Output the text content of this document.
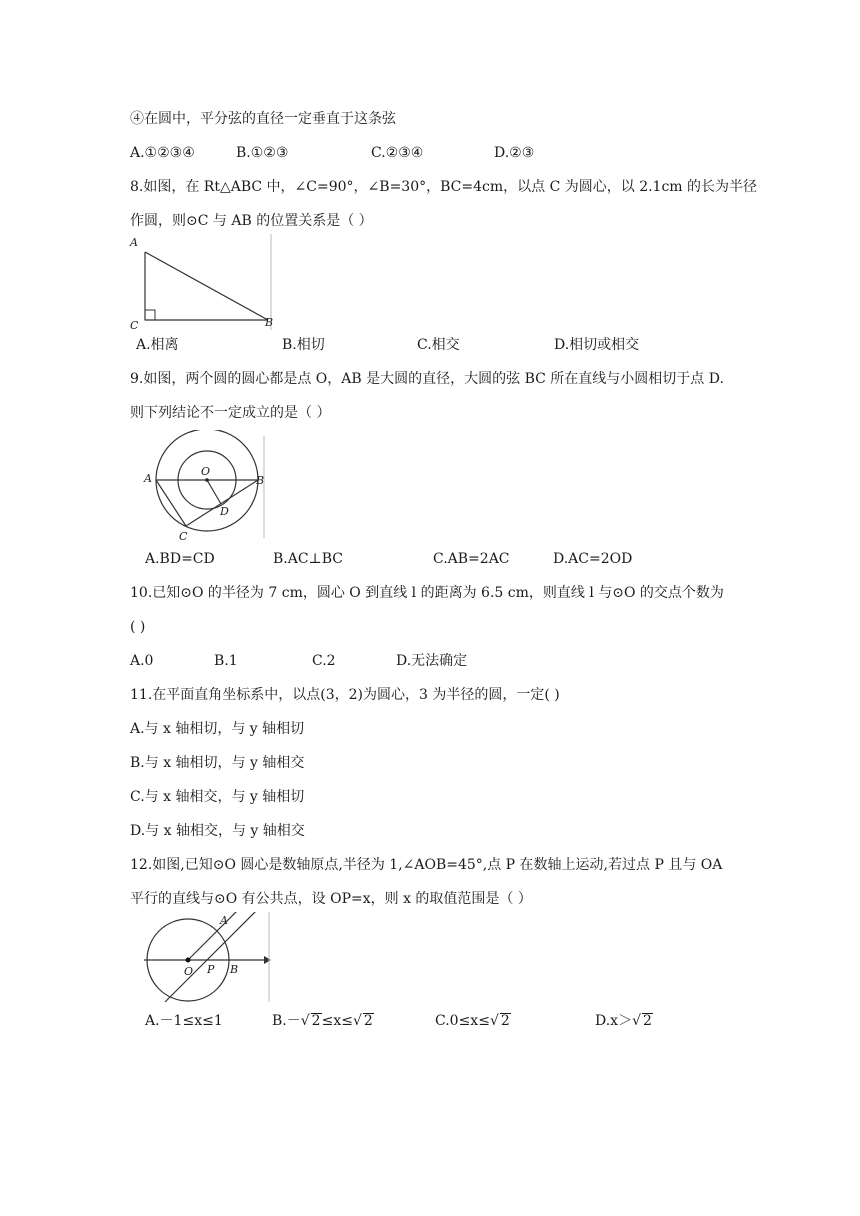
④在圆中，平分弦的直径一定垂直于这条弦
A.①②③④	B.①②③	C.②③④	D.②③
8.如图，在 Rt△ABC 中，∠C=90°，∠B=30°，BC=4cm，以点 C 为圆心，以 2.1cm 的长为半径
作圆，则⊙C 与 AB 的位置关系是（ ）
A
C	B
A.相离	B.相切	C.相交	D.相切或相交
9.如图，两个圆的圆心都是点 O，AB 是大圆的直径，大圆的弦 BC 所在直线与小圆相切于点 D.
则下列结论不一定成立的是（ ）
O
A	B
D
C
A.BD=CD	B.AC⊥BC	C.AB=2AC	D.AC=2OD
10.已知⊙O 的半径为 7 cm，圆心 O 到直线 l 的距离为 6.5 cm，则直线 l 与⊙O 的交点个数为
( )
A.0	B.1	C.2	D.无法确定
11.在平面直角坐标系中，以点(3，2)为圆心，3 为半径的圆，一定( )
A.与 x 轴相切，与 y 轴相切
B.与 x 轴相切，与 y 轴相交
C.与 x 轴相交，与 y 轴相切
D.与 x 轴相交，与 y 轴相交
12.如图,已知⊙O 圆心是数轴原点,半径为 1,∠AOB=45°,点 P 在数轴上运动,若过点 P 且与 OA
平行的直线与⊙O 有公共点，设 OP=x，则 x 的取值范围是（ ）
A
O P B
A.－1≤x≤1	B.－√ 2≤x≤√ 2	C.0≤x≤√ 2	D.x＞√ 2
